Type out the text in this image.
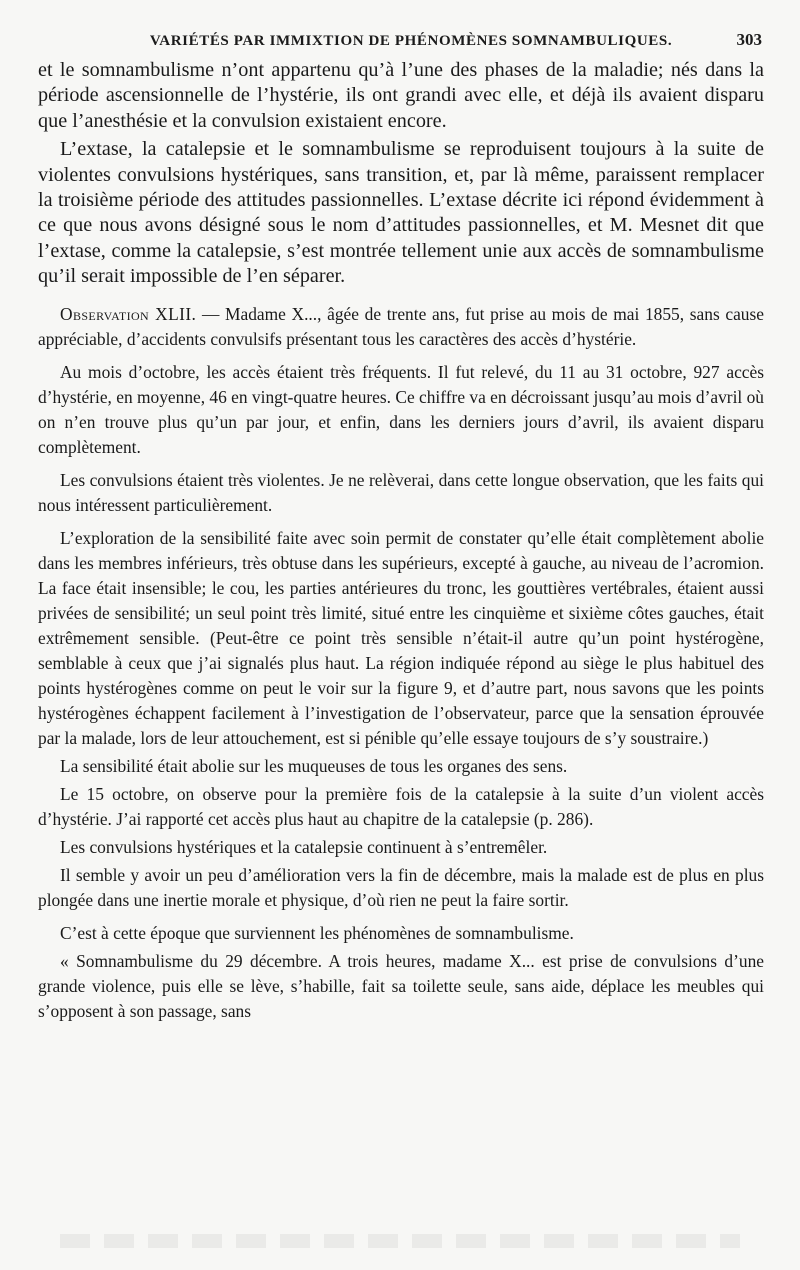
VARIÉTÉS PAR IMMIXTION DE PHÉNOMÈNES SOMNAMBULIQUES.	303

et le somnambulisme n’ont appartenu qu’à l’une des phases de la maladie; nés dans la période ascensionnelle de l’hystérie, ils ont grandi avec elle, et déjà ils avaient disparu que l’anesthésie et la convulsion existaient encore.

L’extase, la catalepsie et le somnambulisme se reproduisent toujours à la suite de violentes convulsions hystériques, sans transition, et, par là même, paraissent remplacer la troisième période des attitudes passionnelles. L’extase décrite ici répond évidemment à ce que nous avons désigné sous le nom d’attitudes passionnelles, et M. Mesnet dit que l’extase, comme la catalepsie, s’est montrée tellement unie aux accès de somnambulisme qu’il serait impossible de l’en séparer.

Observation XLII. — Madame X..., âgée de trente ans, fut prise au mois de mai 1855, sans cause appréciable, d’accidents convulsifs présentant tous les caractères des accès d’hystérie.

Au mois d’octobre, les accès étaient très fréquents. Il fut relevé, du 11 au 31 octobre, 927 accès d’hystérie, en moyenne, 46 en vingt-quatre heures. Ce chiffre va en décroissant jusqu’au mois d’avril où on n’en trouve plus qu’un par jour, et enfin, dans les derniers jours d’avril, ils avaient disparu complètement.

Les convulsions étaient très violentes. Je ne relèverai, dans cette longue observation, que les faits qui nous intéressent particulièrement.

L’exploration de la sensibilité faite avec soin permit de constater qu’elle était complètement abolie dans les membres inférieurs, très obtuse dans les supérieurs, excepté à gauche, au niveau de l’acromion. La face était insensible; le cou, les parties antérieures du tronc, les gouttières vertébrales, étaient aussi privées de sensibilité; un seul point très limité, situé entre les cinquième et sixième côtes gauches, était extrêmement sensible. (Peut-être ce point très sensible n’était-il autre qu’un point hystérogène, semblable à ceux que j’ai signalés plus haut. La région indiquée répond au siège le plus habituel des points hystérogènes comme on peut le voir sur la figure 9, et d’autre part, nous savons que les points hystérogènes échappent facilement à l’investigation de l’observateur, parce que la sensation éprouvée par la malade, lors de leur attouchement, est si pénible qu’elle essaye toujours de s’y soustraire.)

La sensibilité était abolie sur les muqueuses de tous les organes des sens.

Le 15 octobre, on observe pour la première fois de la catalepsie à la suite d’un violent accès d’hystérie. J’ai rapporté cet accès plus haut au chapitre de la catalepsie (p. 286).

Les convulsions hystériques et la catalepsie continuent à s’entremêler.

Il semble y avoir un peu d’amélioration vers la fin de décembre, mais la malade est de plus en plus plongée dans une inertie morale et physique, d’où rien ne peut la faire sortir.

C’est à cette époque que surviennent les phénomènes de somnambulisme.

« Somnambulisme du 29 décembre. A trois heures, madame X... est prise de convulsions d’une grande violence, puis elle se lève, s’habille, fait sa toilette seule, sans aide, déplace les meubles qui s’opposent à son passage, sans
